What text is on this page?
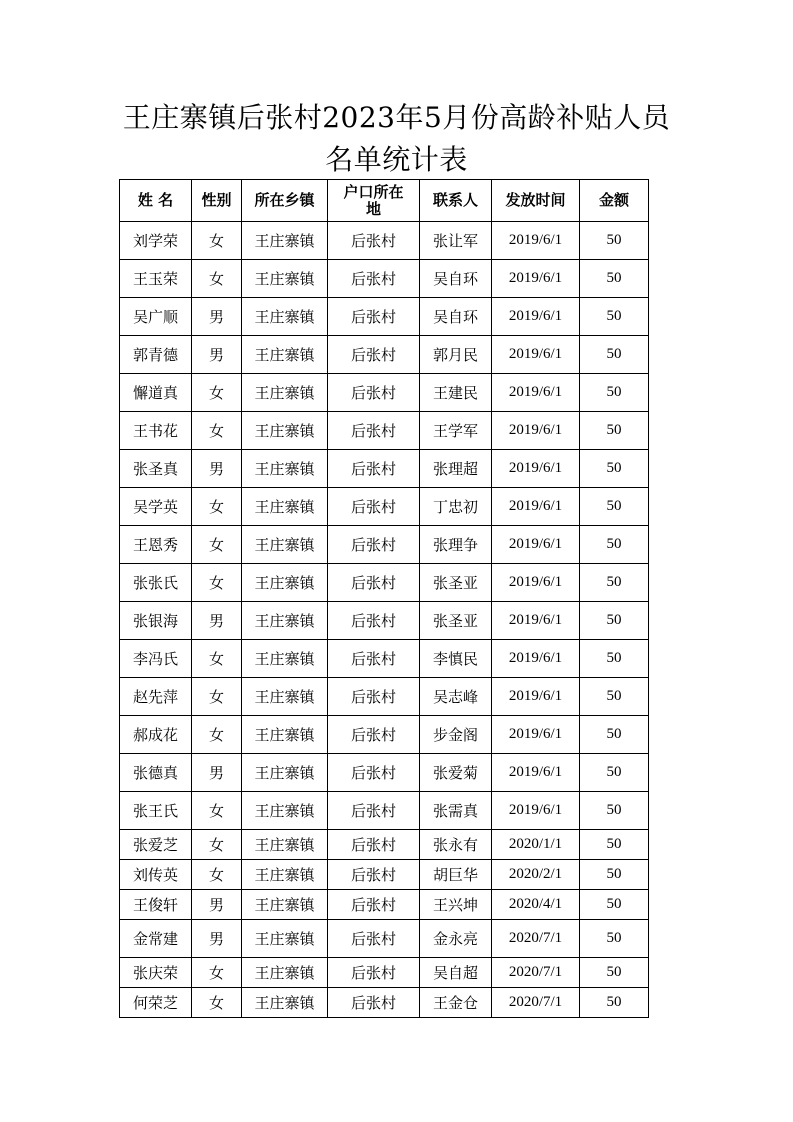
王庄寨镇后张村2023年5月份高龄补贴人员
名单统计表
姓 名	性别	所在乡镇	户口所在地	联系人	发放时间	金额
刘学荣	女	王庄寨镇	后张村	张让军	2019/6/1	50
王玉荣	女	王庄寨镇	后张村	吴自环	2019/6/1	50
吴广顺	男	王庄寨镇	后张村	吴自环	2019/6/1	50
郭青德	男	王庄寨镇	后张村	郭月民	2019/6/1	50
懈道真	女	王庄寨镇	后张村	王建民	2019/6/1	50
王书花	女	王庄寨镇	后张村	王学军	2019/6/1	50
张圣真	男	王庄寨镇	后张村	张理超	2019/6/1	50
吴学英	女	王庄寨镇	后张村	丁忠初	2019/6/1	50
王恩秀	女	王庄寨镇	后张村	张理争	2019/6/1	50
张张氏	女	王庄寨镇	后张村	张圣亚	2019/6/1	50
张银海	男	王庄寨镇	后张村	张圣亚	2019/6/1	50
李冯氏	女	王庄寨镇	后张村	李慎民	2019/6/1	50
赵先萍	女	王庄寨镇	后张村	吴志峰	2019/6/1	50
郝成花	女	王庄寨镇	后张村	步金阁	2019/6/1	50
张德真	男	王庄寨镇	后张村	张爱菊	2019/6/1	50
张王氏	女	王庄寨镇	后张村	张需真	2019/6/1	50
张爱芝	女	王庄寨镇	后张村	张永有	2020/1/1	50
刘传英	女	王庄寨镇	后张村	胡巨华	2020/2/1	50
王俊轩	男	王庄寨镇	后张村	王兴坤	2020/4/1	50
金常建	男	王庄寨镇	后张村	金永亮	2020/7/1	50
张庆荣	女	王庄寨镇	后张村	吴自超	2020/7/1	50
何荣芝	女	王庄寨镇	后张村	王金仓	2020/7/1	50
